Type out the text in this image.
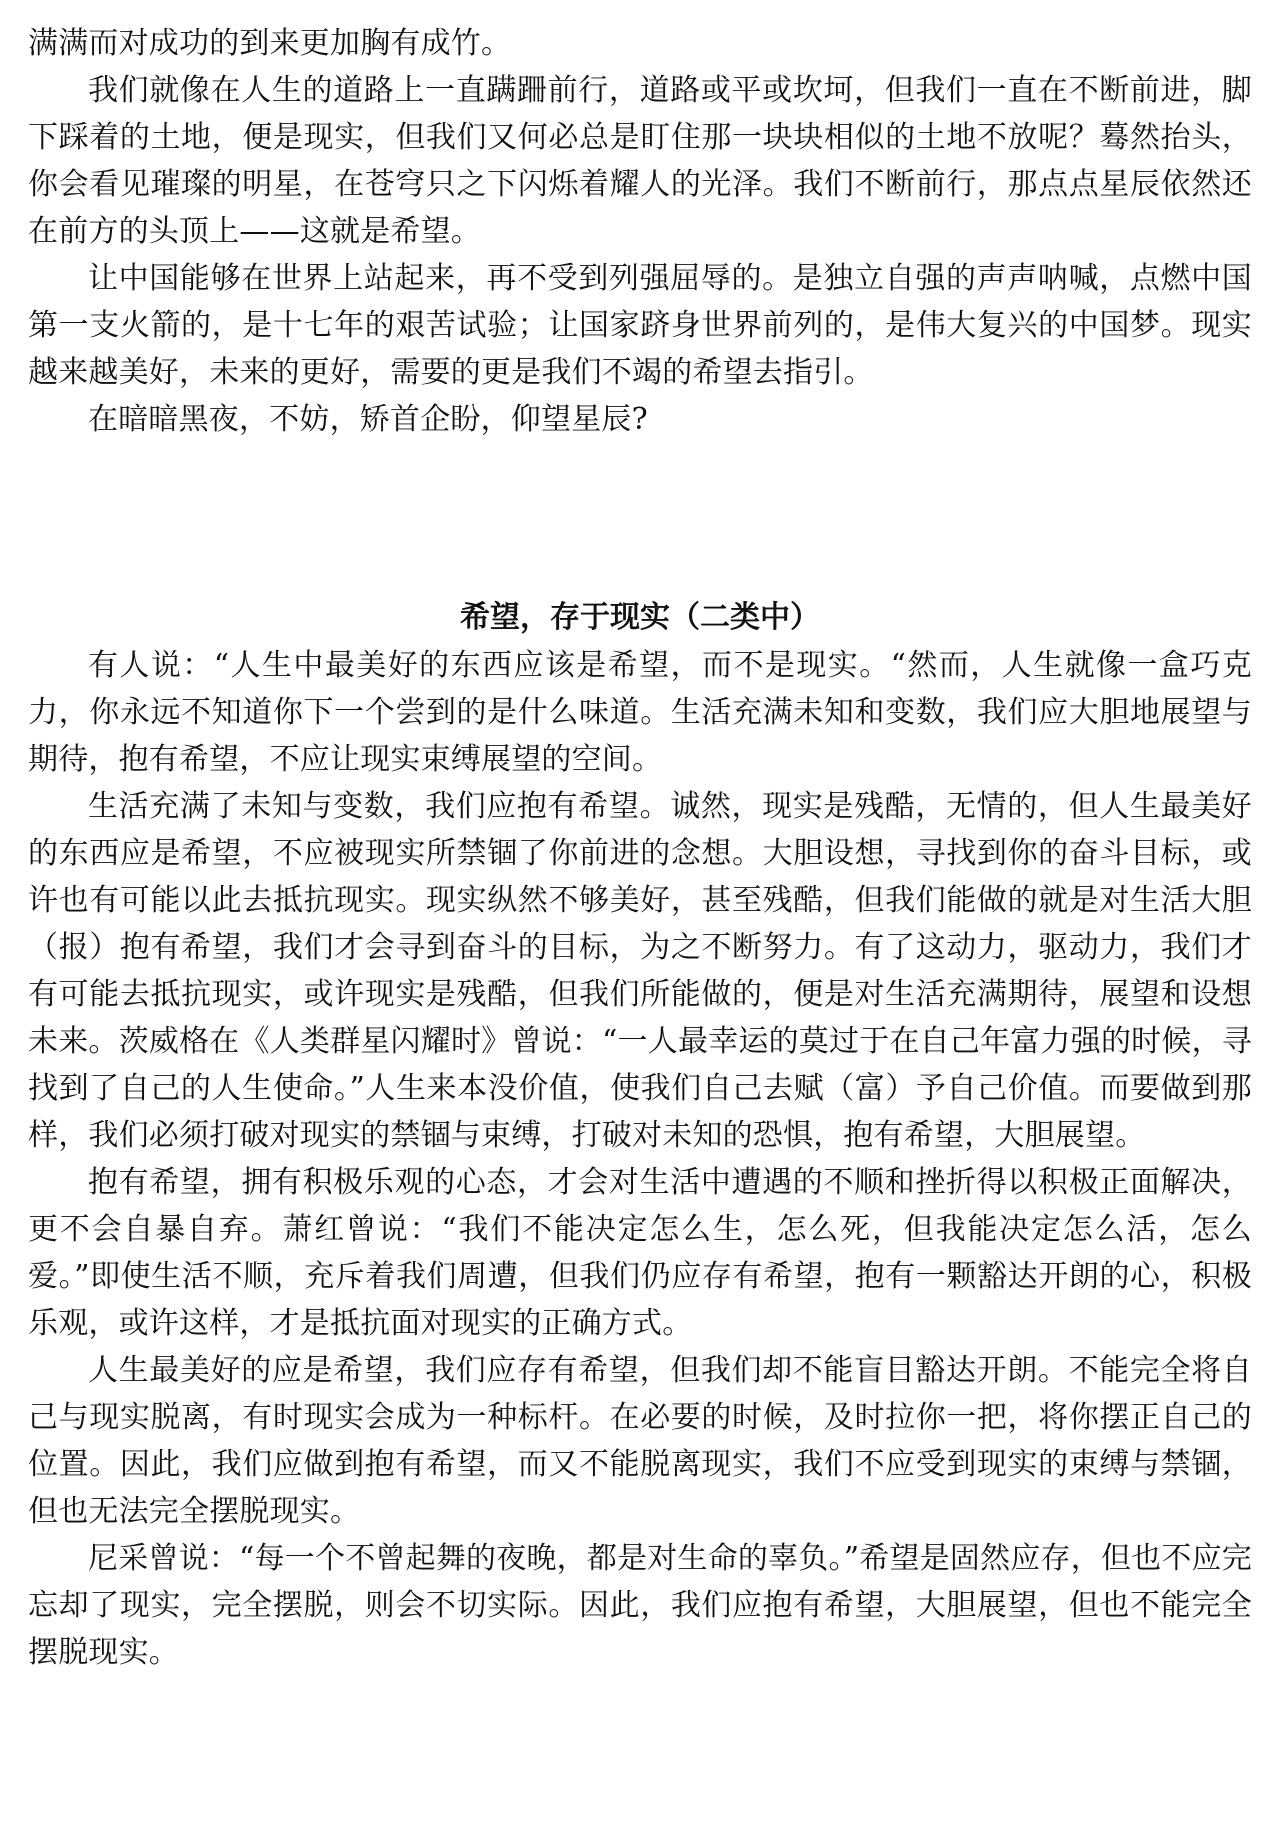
满满而对成功的到来更加胸有成竹。

我们就像在人生的道路上一直蹒跚前行，道路或平或坎坷，但我们一直在不断前进，脚下踩着的土地，便是现实，但我们又何必总是盯住那一块块相似的土地不放呢？蓦然抬头，你会看见璀璨的明星，在苍穹只之下闪烁着耀人的光泽。我们不断前行，那点点星辰依然还在前方的头顶上——这就是希望。

让中国能够在世界上站起来，再不受到列强屈辱的。是独立自强的声声呐喊，点燃中国第一支火箭的，是十七年的艰苦试验；让国家跻身世界前列的，是伟大复兴的中国梦。现实越来越美好，未来的更好，需要的更是我们不竭的希望去指引。

在暗暗黑夜，不妨，矫首企盼，仰望星辰?

希望，存于现实（二类中）

有人说：“人生中最美好的东西应该是希望，而不是现实。“然而，人生就像一盒巧克力，你永远不知道你下一个尝到的是什么味道。生活充满未知和变数，我们应大胆地展望与期待，抱有希望，不应让现实束缚展望的空间。

生活充满了未知与变数，我们应抱有希望。诚然，现实是残酷，无情的，但人生最美好的东西应是希望，不应被现实所禁锢了你前进的念想。大胆设想，寻找到你的奋斗目标，或许也有可能以此去抵抗现实。现实纵然不够美好，甚至残酷，但我们能做的就是对生活大胆（报）抱有希望，我们才会寻到奋斗的目标，为之不断努力。有了这动力，驱动力，我们才有可能去抵抗现实，或许现实是残酷，但我们所能做的，便是对生活充满期待，展望和设想未来。茨威格在《人类群星闪耀时》曾说：“一人最幸运的莫过于在自己年富力强的时候，寻找到了自己的人生使命。”人生来本没价值，使我们自己去赋（富）予自己价值。而要做到那样，我们必须打破对现实的禁锢与束缚，打破对未知的恐惧，抱有希望，大胆展望。

抱有希望，拥有积极乐观的心态，才会对生活中遭遇的不顺和挫折得以积极正面解决，更不会自暴自弃。萧红曾说：“我们不能决定怎么生，怎么死，但我能决定怎么活，怎么爱。”即使生活不顺，充斥着我们周遭，但我们仍应存有希望，抱有一颗豁达开朗的心，积极乐观，或许这样，才是抵抗面对现实的正确方式。

人生最美好的应是希望，我们应存有希望，但我们却不能盲目豁达开朗。不能完全将自己与现实脱离，有时现实会成为一种标杆。在必要的时候，及时拉你一把，将你摆正自己的位置。因此，我们应做到抱有希望，而又不能脱离现实，我们不应受到现实的束缚与禁锢，但也无法完全摆脱现实。

尼采曾说：“每一个不曾起舞的夜晚，都是对生命的辜负。”希望是固然应存，但也不应完忘却了现实，完全摆脱，则会不切实际。因此，我们应抱有希望，大胆展望，但也不能完全摆脱现实。
